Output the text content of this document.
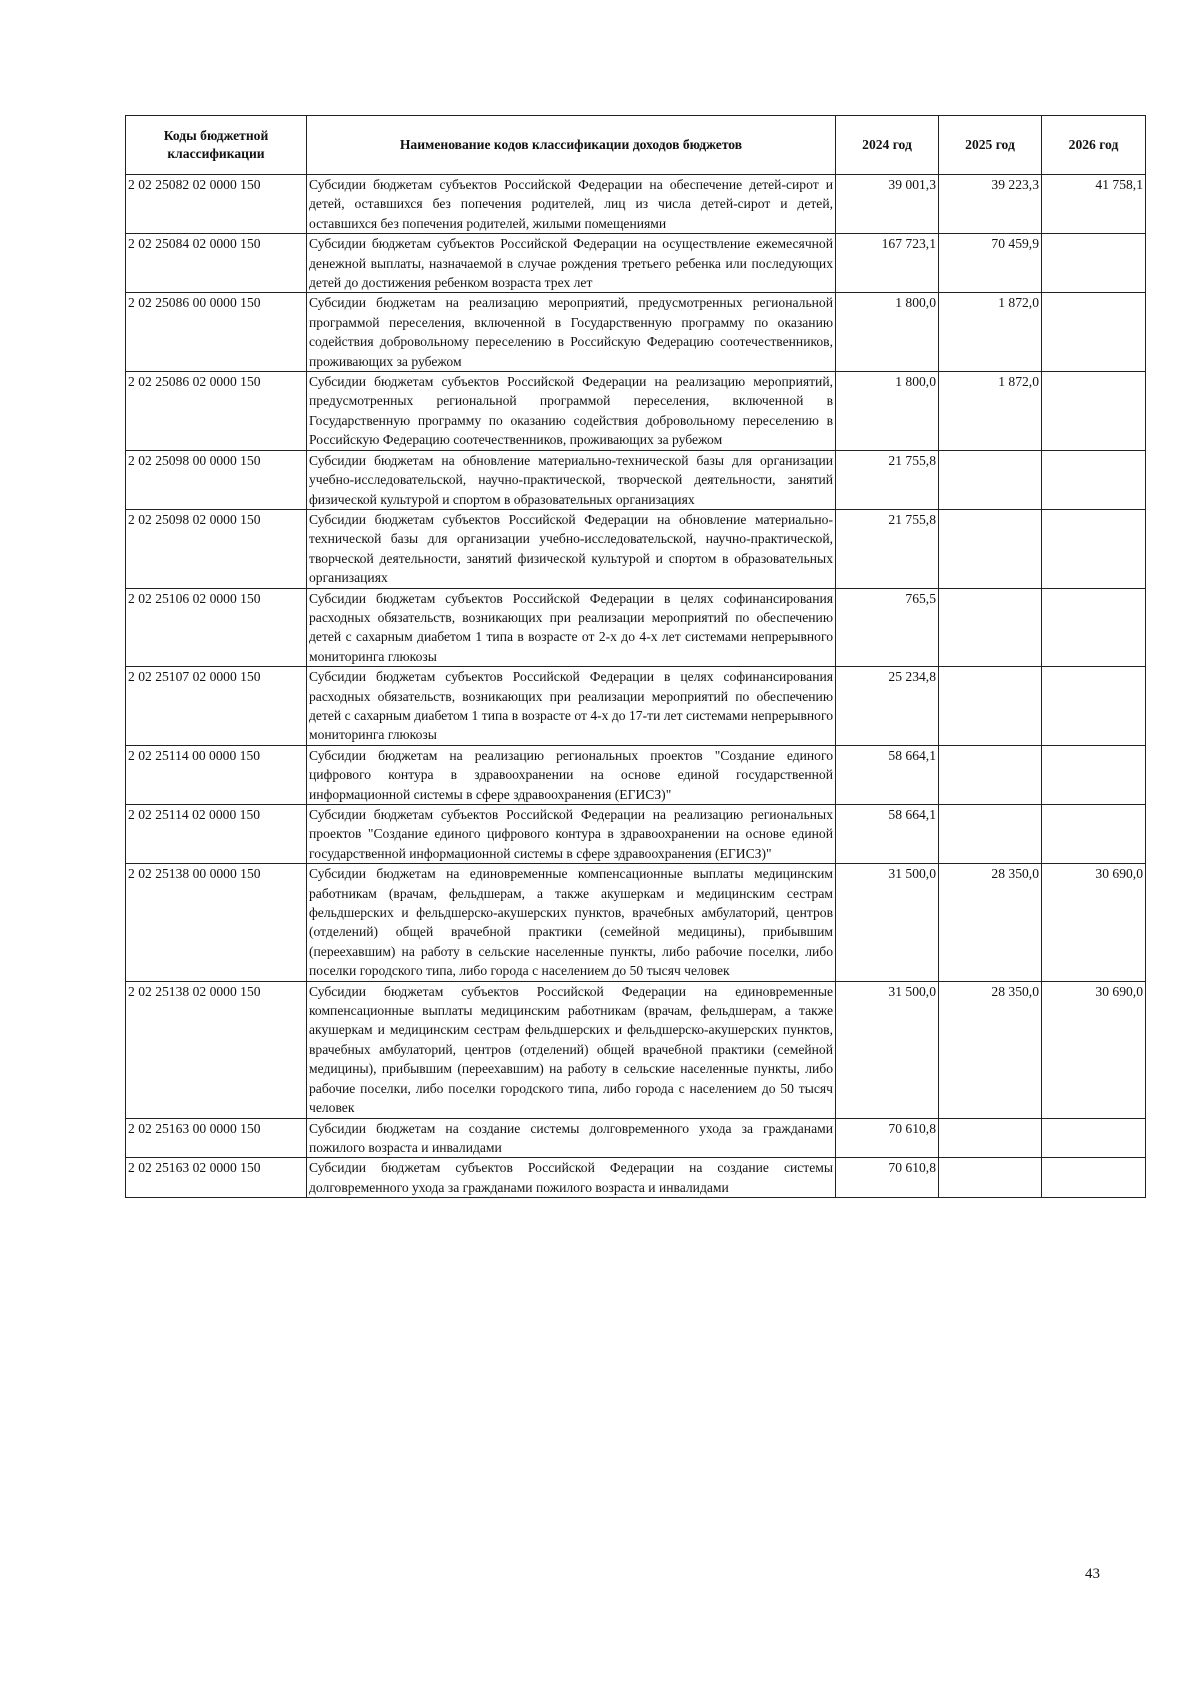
Коды бюджетной классификации	Наименование кодов классификации доходов бюджетов	2024 год	2025 год	2026 год
2 02 25082 02 0000 150	Субсидии бюджетам субъектов Российской Федерации на обеспечение детей-сирот и детей, оставшихся без попечения родителей, лиц из числа детей-сирот и детей, оставшихся без попечения родителей, жилыми помещениями	39 001,3	39 223,3	41 758,1
2 02 25084 02 0000 150	Субсидии бюджетам субъектов Российской Федерации на осуществление ежемесячной денежной выплаты, назначаемой в случае рождения третьего ребенка или последующих детей до достижения ребенком возраста трех лет	167 723,1	70 459,9	
2 02 25086 00 0000 150	Субсидии бюджетам на реализацию мероприятий, предусмотренных региональной программой переселения, включенной в Государственную программу по оказанию содействия добровольному переселению в Российскую Федерацию соотечественников, проживающих за рубежом	1 800,0	1 872,0	
2 02 25086 02 0000 150	Субсидии бюджетам субъектов Российской Федерации на реализацию мероприятий, предусмотренных региональной программой переселения, включенной в Государственную программу по оказанию содействия добровольному переселению в Российскую Федерацию соотечественников, проживающих за рубежом	1 800,0	1 872,0	
2 02 25098 00 0000 150	Субсидии бюджетам на обновление материально-технической базы для организации учебно-исследовательской, научно-практической, творческой деятельности, занятий физической культурой и спортом в образовательных организациях	21 755,8		
2 02 25098 02 0000 150	Субсидии бюджетам субъектов Российской Федерации на обновление материально-технической базы для организации учебно-исследовательской, научно-практической, творческой деятельности, занятий физической культурой и спортом в образовательных организациях	21 755,8		
2 02 25106 02 0000 150	Субсидии бюджетам субъектов Российской Федерации в целях софинансирования расходных обязательств, возникающих при реализации мероприятий по обеспечению детей с сахарным диабетом 1 типа в возрасте от 2-х до 4-х лет системами непрерывного мониторинга глюкозы	765,5		
2 02 25107 02 0000 150	Субсидии бюджетам субъектов Российской Федерации в целях софинансирования расходных обязательств, возникающих при реализации мероприятий по обеспечению детей с сахарным диабетом 1 типа в возрасте от 4-х до 17-ти лет системами непрерывного мониторинга глюкозы	25 234,8		
2 02 25114 00 0000 150	Субсидии бюджетам на реализацию региональных проектов "Создание единого цифрового контура в здравоохранении на основе единой государственной информационной системы в сфере здравоохранения (ЕГИСЗ)"	58 664,1		
2 02 25114 02 0000 150	Субсидии бюджетам субъектов Российской Федерации на реализацию региональных проектов "Создание единого цифрового контура в здравоохранении на основе единой государственной информационной системы в сфере здравоохранения (ЕГИСЗ)"	58 664,1		
2 02 25138 00 0000 150	Субсидии бюджетам на единовременные компенсационные выплаты медицинским работникам (врачам, фельдшерам, а также акушеркам и медицинским сестрам фельдшерских и фельдшерско-акушерских пунктов, врачебных амбулаторий, центров (отделений) общей врачебной практики (семейной медицины), прибывшим (переехавшим) на работу в сельские населенные пункты, либо рабочие поселки, либо поселки городского типа, либо города с населением до 50 тысяч человек	31 500,0	28 350,0	30 690,0
2 02 25138 02 0000 150	Субсидии бюджетам субъектов Российской Федерации на единовременные компенсационные выплаты медицинским работникам (врачам, фельдшерам, а также акушеркам и медицинским сестрам фельдшерских и фельдшерско-акушерских пунктов, врачебных амбулаторий, центров (отделений) общей врачебной практики (семейной медицины), прибывшим (переехавшим) на работу в сельские населенные пункты, либо рабочие поселки, либо поселки городского типа, либо города с населением до 50 тысяч человек	31 500,0	28 350,0	30 690,0
2 02 25163 00 0000 150	Субсидии бюджетам на создание системы долговременного ухода за гражданами пожилого возраста и инвалидами	70 610,8		
2 02 25163 02 0000 150	Субсидии бюджетам субъектов Российской Федерации на создание системы долговременного ухода за гражданами пожилого возраста и инвалидами	70 610,8		
43
